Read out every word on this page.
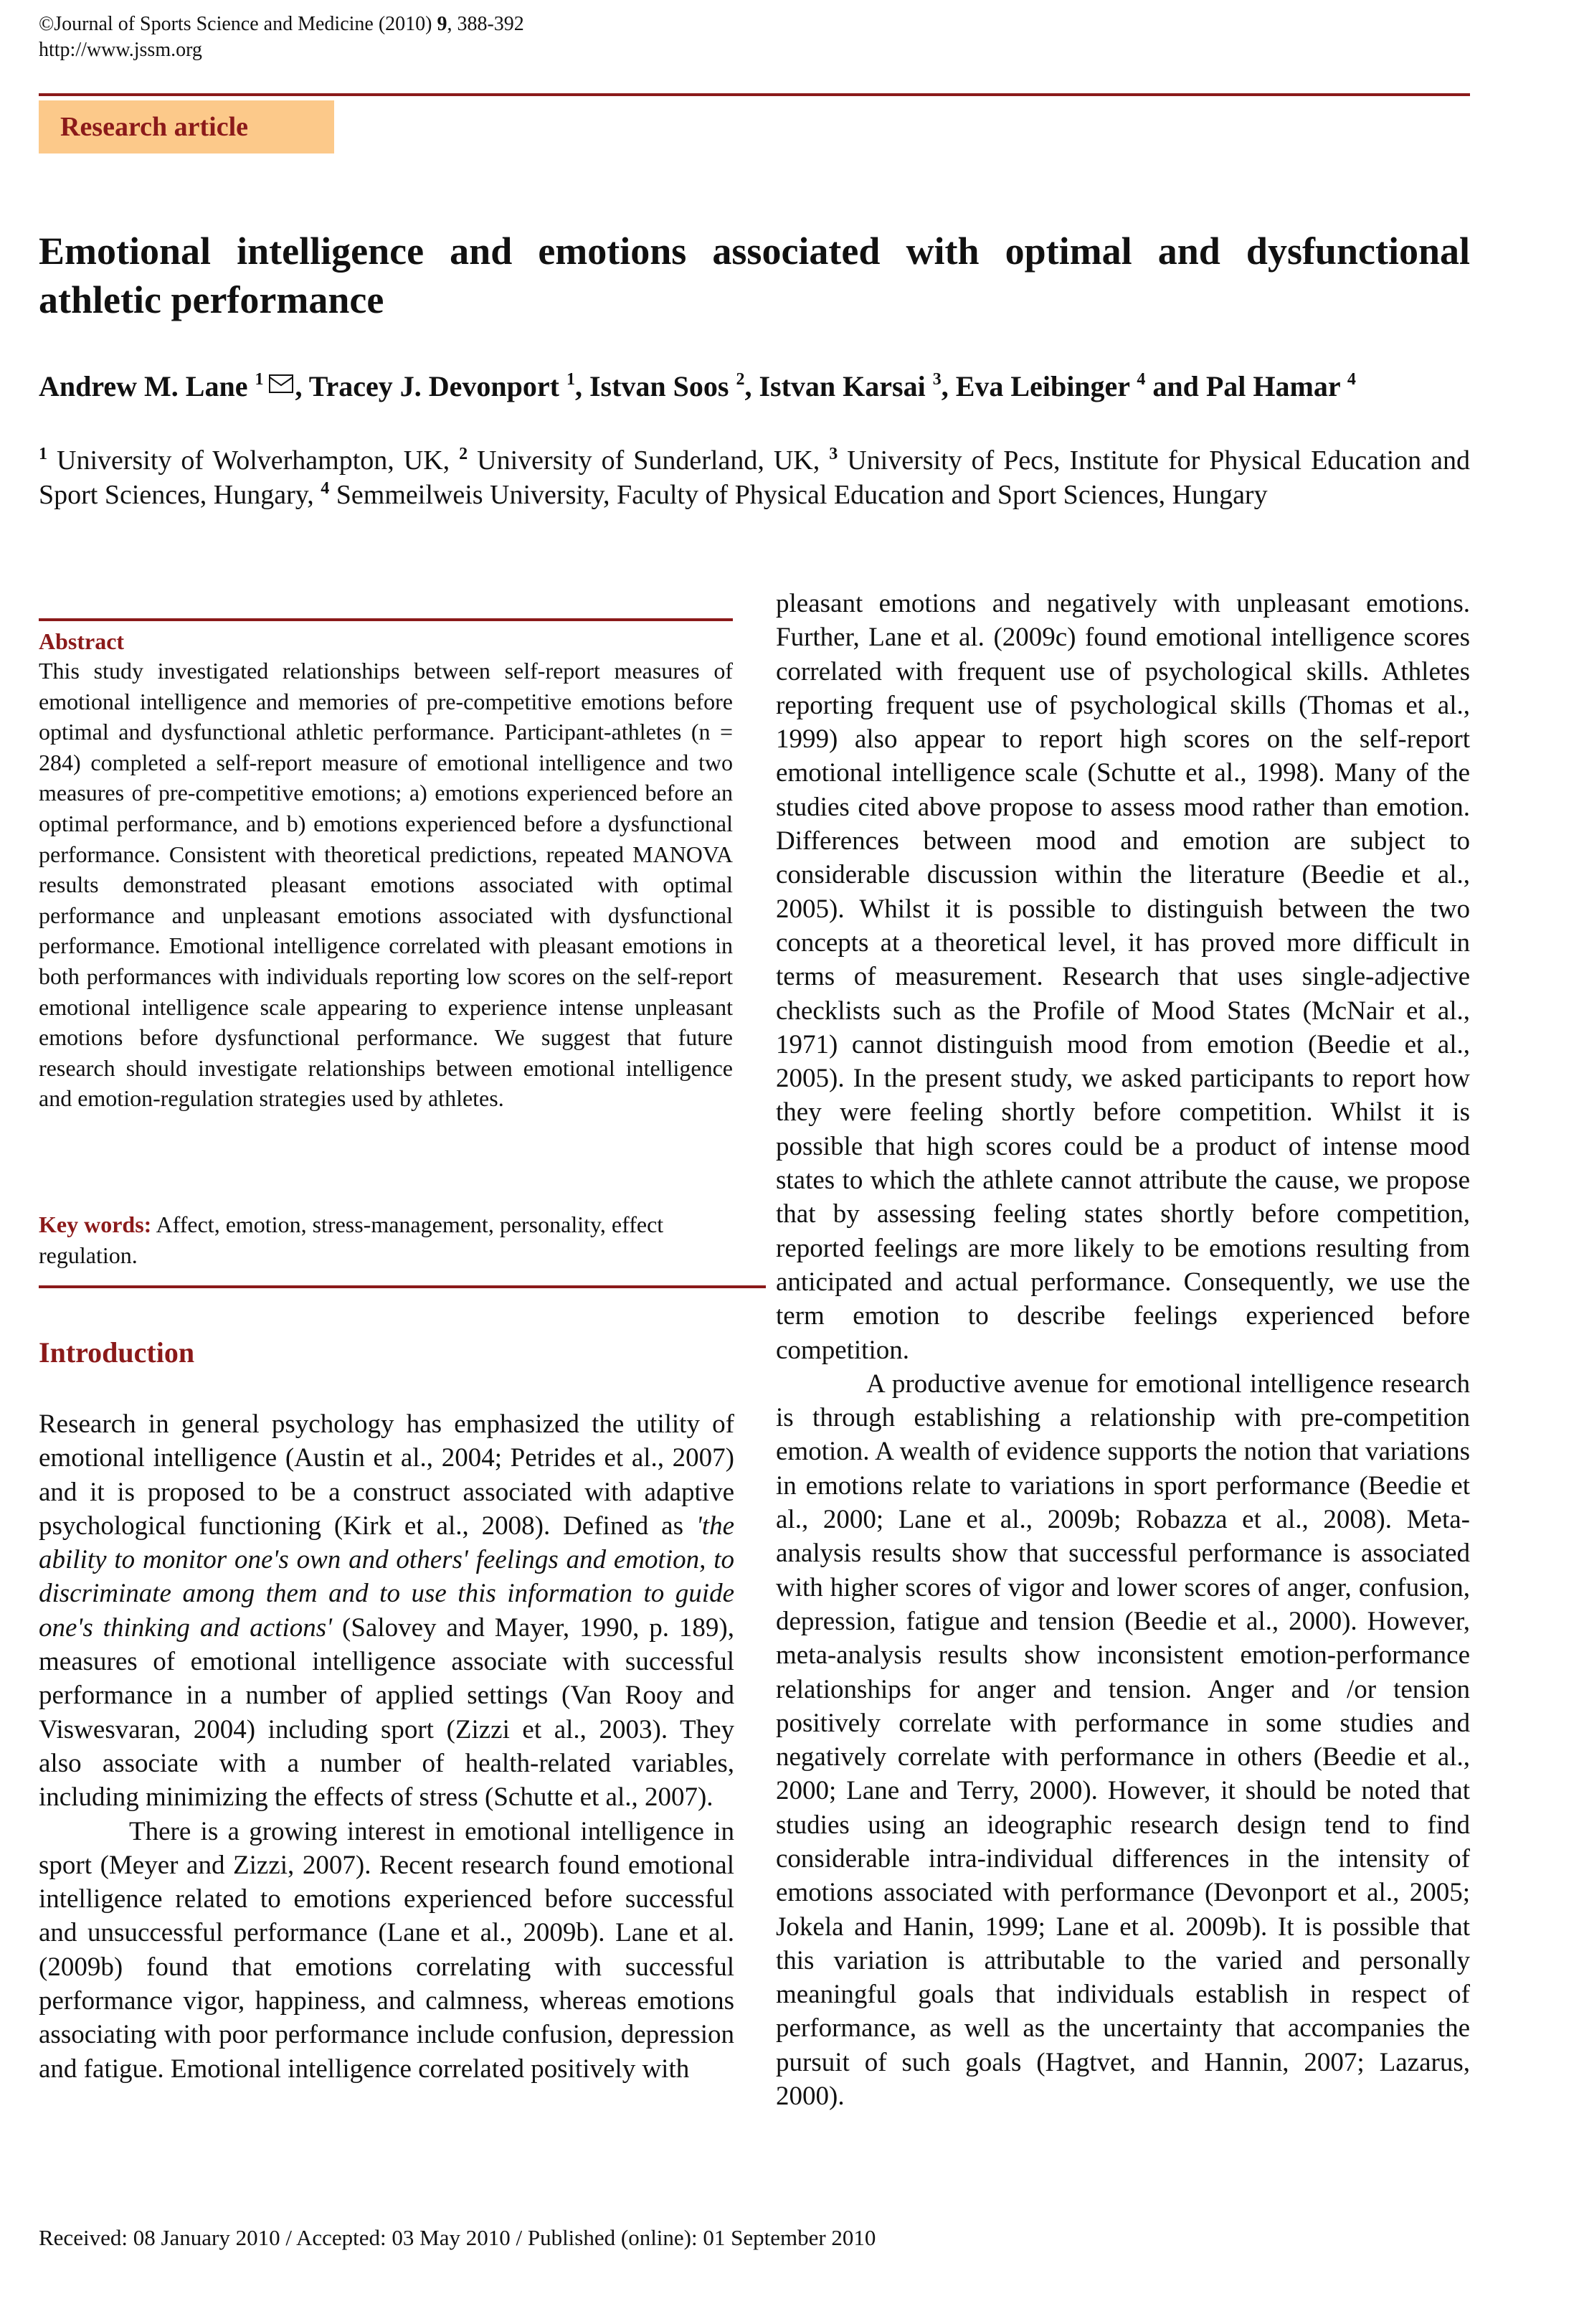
©Journal of Sports Science and Medicine (2010) 9, 388-392
http://www.jssm.org
Research article
Emotional intelligence and emotions associated with optimal and dysfunctional athletic performance
Andrew M. Lane $^1$ , Tracey J. Devonport $^1$, Istvan Soos $^2$, Istvan Karsai $^3$, Eva Leibinger $^4$ and Pal Hamar $^4$
$^1$ University of Wolverhampton, UK, $^2$ University of Sunderland, UK, $^3$ University of Pecs, Institute for Physical Education and Sport Sciences, Hungary, $^4$ Semmeilweis University, Faculty of Physical Education and Sport Sciences, Hungary
Abstract
This study investigated relationships between self-report measures of emotional intelligence and memories of pre-competitive emotions before optimal and dysfunctional athletic performance. Participant-athletes (n = 284) completed a self-report measure of emotional intelligence and two measures of pre-competitive emotions; a) emotions experienced before an optimal performance, and b) emotions experienced before a dysfunctional performance. Consistent with theoretical predictions, repeated MANOVA results demonstrated pleasant emotions associated with optimal performance and unpleasant emotions associated with dysfunctional performance. Emotional intelligence correlated with pleasant emotions in both performances with individuals reporting low scores on the self-report emotional intelligence scale appearing to experience intense unpleasant emotions before dysfunctional performance. We suggest that future research should investigate relationships between emotional intelligence and emotion-regulation strategies used by athletes.
Key words: Affect, emotion, stress-management, personality, effect regulation.
Introduction

Research in general psychology has emphasized the utility of emotional intelligence (Austin et al., 2004; Petrides et al., 2007) and it is proposed to be a construct associated with adaptive psychological functioning (Kirk et al., 2008). Defined as 'the ability to monitor one's own and others' feelings and emotion, to discriminate among them and to use this information to guide one's thinking and actions' (Salovey and Mayer, 1990, p. 189), measures of emotional intelligence associate with successful performance in a number of applied settings (Van Rooy and Viswesvaran, 2004) including sport (Zizzi et al., 2003). They also associate with a number of health-related variables, including minimizing the effects of stress (Schutte et al., 2007).

There is a growing interest in emotional intelligence in sport (Meyer and Zizzi, 2007). Recent research found emotional intelligence related to emotions experienced before successful and unsuccessful performance (Lane et al., 2009b). Lane et al. (2009b) found that emotions correlating with successful performance vigor, happiness, and calmness, whereas emotions associating with poor performance include confusion, depression and fatigue. Emotional intelligence correlated positively with

pleasant emotions and negatively with unpleasant emotions. Further, Lane et al. (2009c) found emotional intelligence scores correlated with frequent use of psychological skills. Athletes reporting frequent use of psychological skills (Thomas et al., 1999) also appear to report high scores on the self-report emotional intelligence scale (Schutte et al., 1998). Many of the studies cited above propose to assess mood rather than emotion. Differences between mood and emotion are subject to considerable discussion within the literature (Beedie et al., 2005). Whilst it is possible to distinguish between the two concepts at a theoretical level, it has proved more difficult in terms of measurement. Research that uses single-adjective checklists such as the Profile of Mood States (McNair et al., 1971) cannot distinguish mood from emotion (Beedie et al., 2005). In the present study, we asked participants to report how they were feeling shortly before competition. Whilst it is possible that high scores could be a product of intense mood states to which the athlete cannot attribute the cause, we propose that by assessing feeling states shortly before competition, reported feelings are more likely to be emotions resulting from anticipated and actual performance. Consequently, we use the term emotion to describe feelings experienced before competition.

A productive avenue for emotional intelligence research is through establishing a relationship with pre-competition emotion. A wealth of evidence supports the notion that variations in emotions relate to variations in sport performance (Beedie et al., 2000; Lane et al., 2009b; Robazza et al., 2008). Meta-analysis results show that successful performance is associated with higher scores of vigor and lower scores of anger, confusion, depression, fatigue and tension (Beedie et al., 2000). However, meta-analysis results show inconsistent emotion-performance relationships for anger and tension. Anger and /or tension positively correlate with performance in some studies and negatively correlate with performance in others (Beedie et al., 2000; Lane and Terry, 2000). However, it should be noted that studies using an ideographic research design tend to find considerable intra-individual differences in the intensity of emotions associated with performance (Devonport et al., 2005; Jokela and Hanin, 1999; Lane et al. 2009b). It is possible that this variation is attributable to the varied and personally meaningful goals that individuals establish in respect of performance, as well as the uncertainty that accompanies the pursuit of such goals (Hagtvet, and Hannin, 2007; Lazarus, 2000).

Received: 08 January 2010 / Accepted: 03 May 2010 / Published (online): 01 September 2010
